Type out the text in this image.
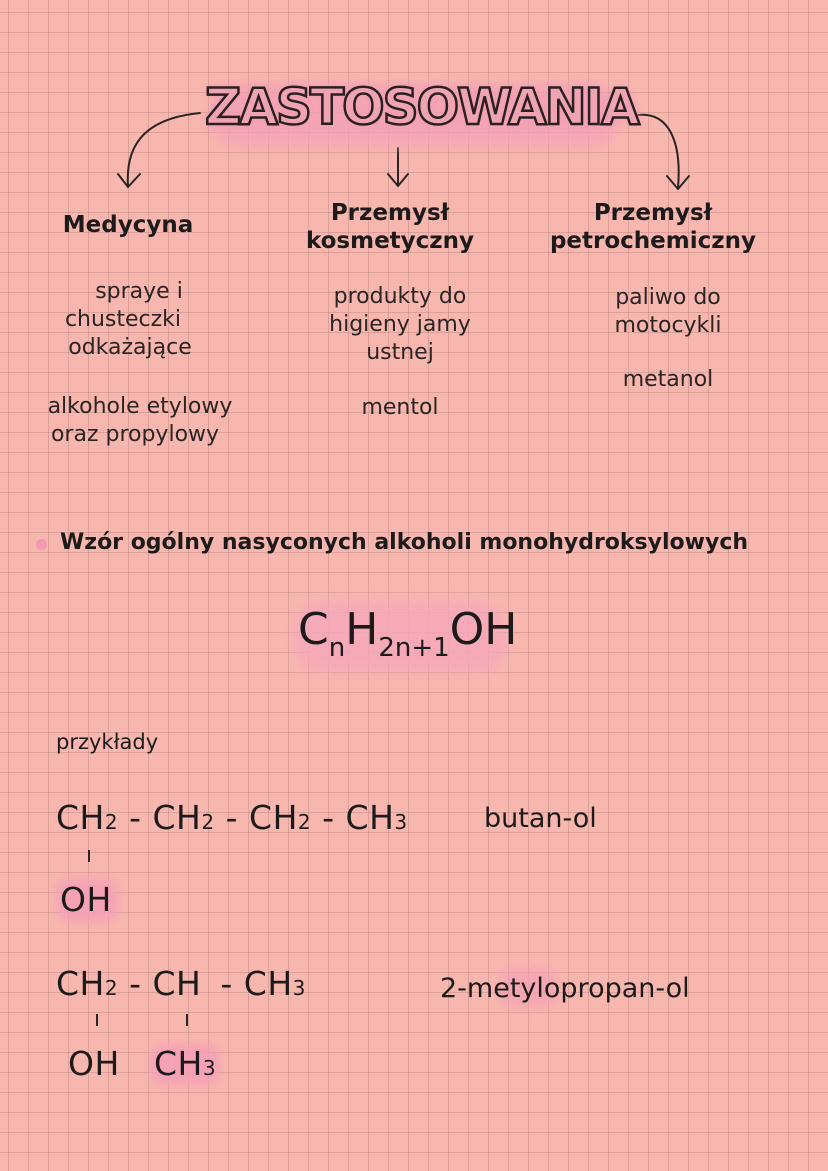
ZASTOSOWANIA
Medycyna
spraye i
chusteczki
odkażające
alkohole etylowy
oraz propylowy
Przemysł
kosmetyczny
produkty do
higieny jamy
ustnej
mentol
Przemysł
petrochemiczny
paliwo do
motocykli
metanol
Wzór ogólny nasyconych alkoholi monohydroksylowych
$C_nH_{2n+1}OH$
przykłady
CH2 - CH2 - CH2 - CH3
OH
butan-ol
CH2 - CH - CH3
OH CH3
2-metylopropan-ol
